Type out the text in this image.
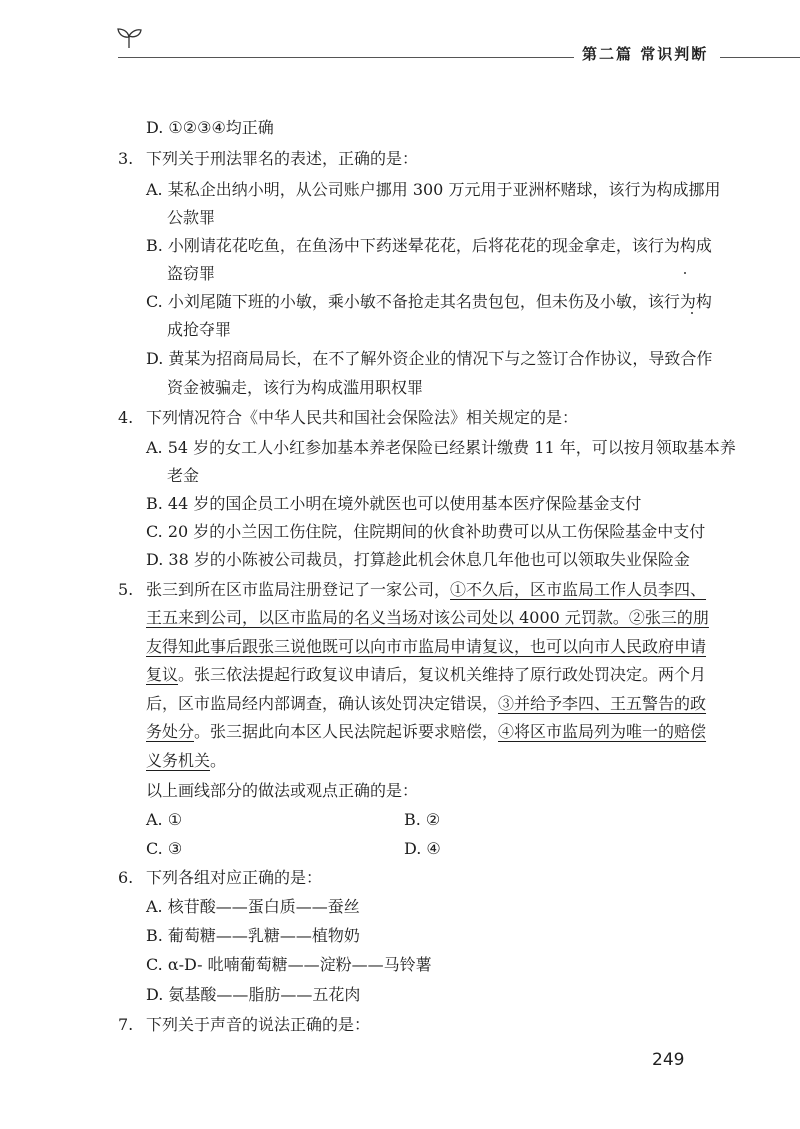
第二篇 常识判断
D. ①②③④均正确
3. 下列关于刑法罪名的表述，正确的是：
A. 某私企出纳小明，从公司账户挪用 300 万元用于亚洲杯赌球，该行为构成挪用
公款罪
B. 小刚请花花吃鱼，在鱼汤中下药迷晕花花，后将花花的现金拿走，该行为构成
盗窃罪
C. 小刘尾随下班的小敏，乘小敏不备抢走其名贵包包，但未伤及小敏，该行为构
成抢夺罪
D. 黄某为招商局局长，在不了解外资企业的情况下与之签订合作协议，导致合作
资金被骗走，该行为构成滥用职权罪
4. 下列情况符合《中华人民共和国社会保险法》相关规定的是：
A. 54 岁的女工人小红参加基本养老保险已经累计缴费 11 年，可以按月领取基本养
老金
B. 44 岁的国企员工小明在境外就医也可以使用基本医疗保险基金支付
C. 20 岁的小兰因工伤住院，住院期间的伙食补助费可以从工伤保险基金中支付
D. 38 岁的小陈被公司裁员，打算趁此机会休息几年他也可以领取失业保险金
5. 张三到所在区市监局注册登记了一家公司，①不久后，区市监局工作人员李四、
王五来到公司，以区市监局的名义当场对该公司处以 4000 元罚款。②张三的朋
友得知此事后跟张三说他既可以向市市监局申请复议，也可以向市人民政府申请
复议。张三依法提起行政复议申请后，复议机关维持了原行政处罚决定。两个月
后，区市监局经内部调查，确认该处罚决定错误，③并给予李四、王五警告的政
务处分。张三据此向本区人民法院起诉要求赔偿，④将区市监局列为唯一的赔偿
义务机关。
以上画线部分的做法或观点正确的是：
A. ①	B. ②
C. ③	D. ④
6. 下列各组对应正确的是：
A. 核苷酸——蛋白质——蚕丝
B. 葡萄糖——乳糖——植物奶
C. α-D- 吡喃葡萄糖——淀粉——马铃薯
D. 氨基酸——脂肪——五花肉
7. 下列关于声音的说法正确的是：
249
